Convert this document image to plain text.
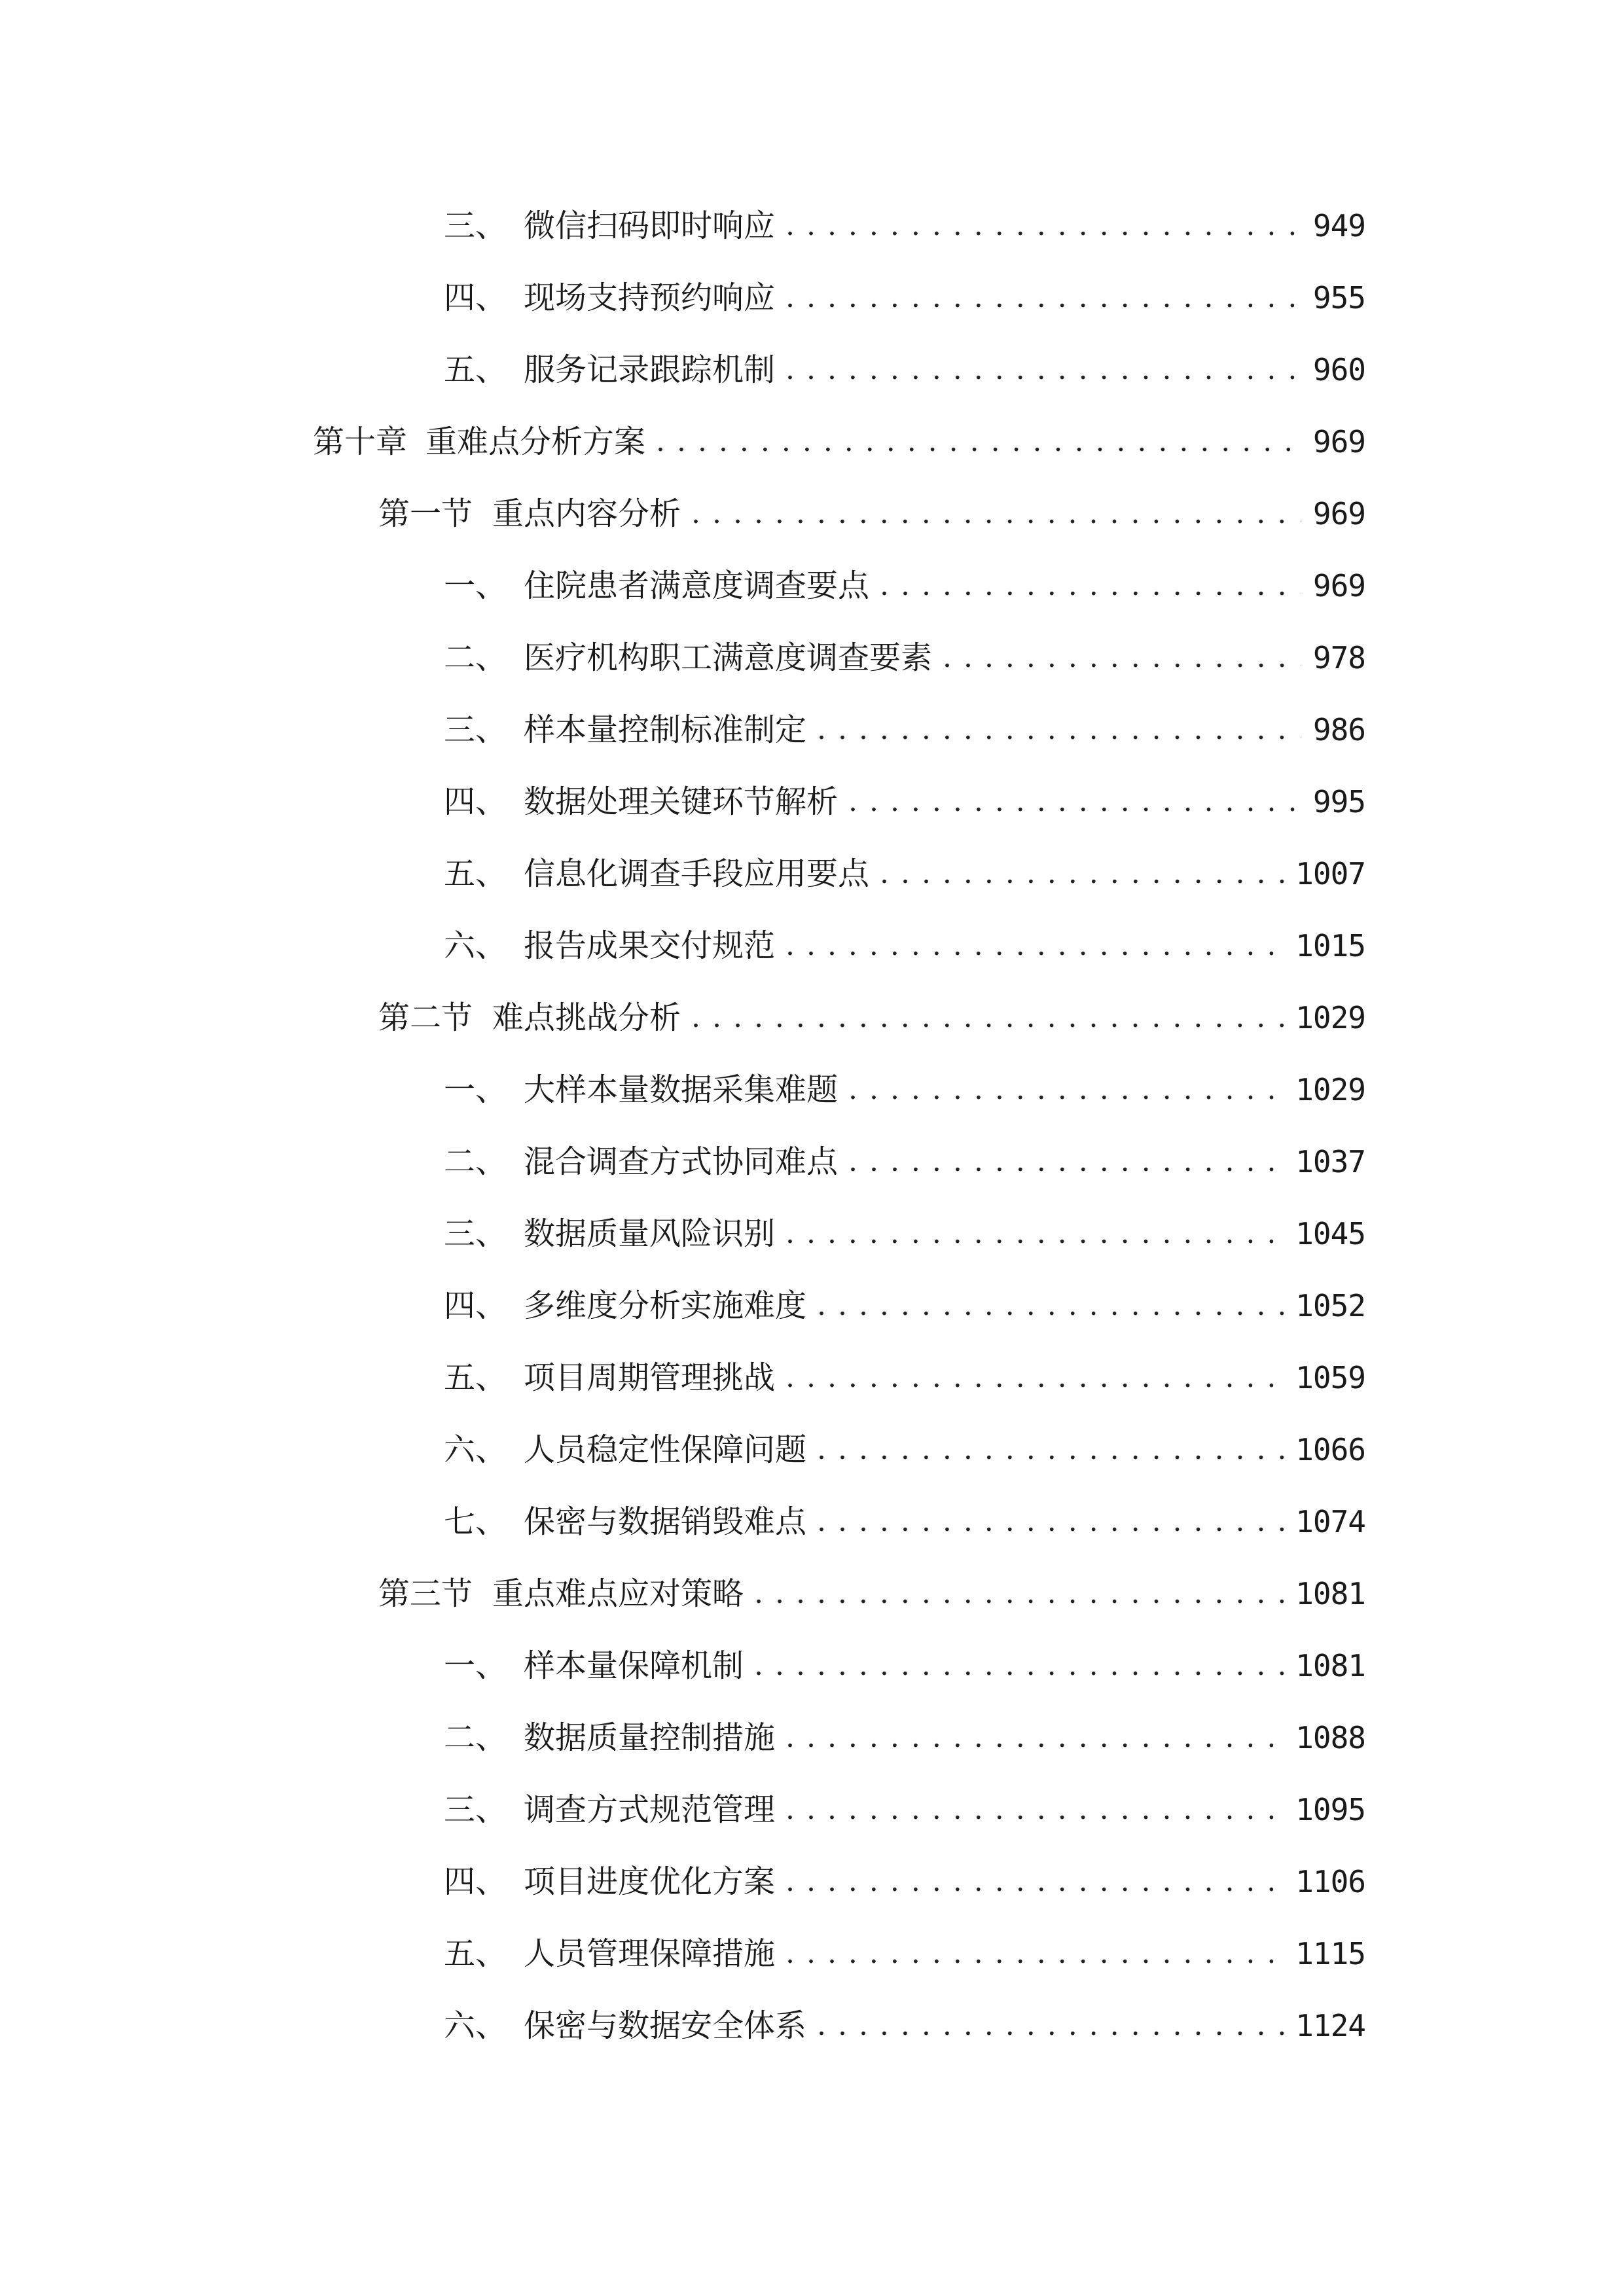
三、 微信扫码即时响应 . . .	949
四、 现场支持预约响应 . . .	955
五、 服务记录跟踪机制 . . .	960
第十章 重难点分析方案 . . .	969
第一节 重点内容分析 . . .	969
一、 住院患者满意度调查要点 . . .	969
二、 医疗机构职工满意度调查要素 . . .	978
三、 样本量控制标准制定 . . .	986
四、 数据处理关键环节解析 . . .	995
五、 信息化调查手段应用要点 . . .	1007
六、 报告成果交付规范 . . .	1015
第二节 难点挑战分析 . . .	1029
一、 大样本量数据采集难题 . . .	1029
二、 混合调查方式协同难点 . . .	1037
三、 数据质量风险识别 . . .	1045
四、 多维度分析实施难度 . . .	1052
五、 项目周期管理挑战 . . .	1059
六、 人员稳定性保障问题 . . .	1066
七、 保密与数据销毁难点 . . .	1074
第三节 重点难点应对策略 . . .	1081
一、 样本量保障机制 . . .	1081
二、 数据质量控制措施 . . .	1088
三、 调查方式规范管理 . . .	1095
四、 项目进度优化方案 . . .	1106
五、 人员管理保障措施 . . .	1115
六、 保密与数据安全体系 . . .	1124
